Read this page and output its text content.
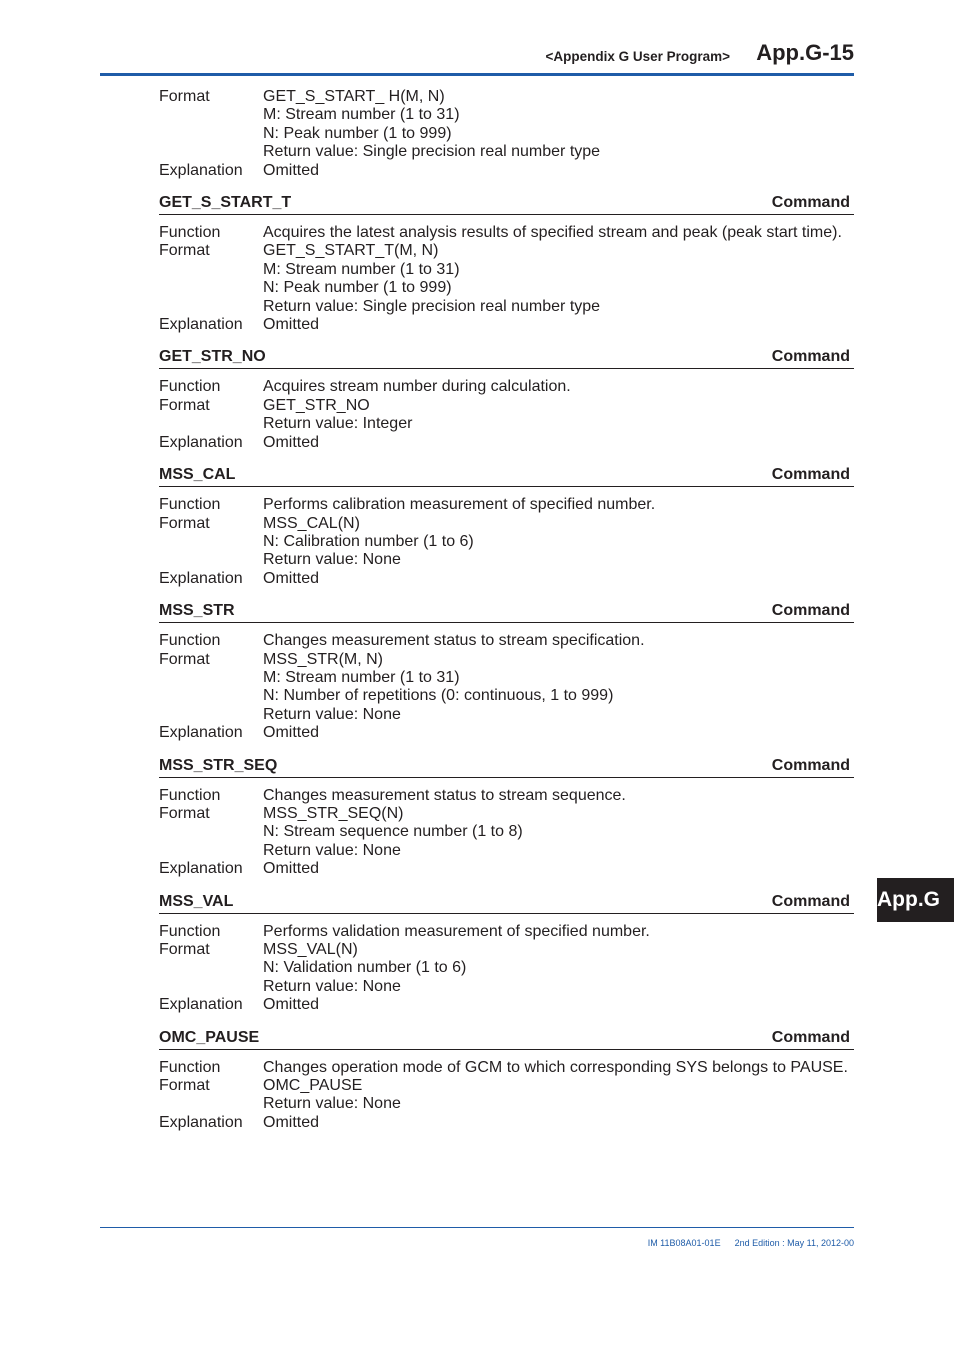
<Appendix G User Program> App.G-15
Format	GET_S_START_ H(M, N)
M: Stream number (1 to 31)
N: Peak number (1 to 999)
Return value: Single precision real number type
Explanation Omitted
GET_S_START_T	Command
Function	Acquires the latest analysis results of specified stream and peak (peak start time).
Format	GET_S_START_T(M, N)
M: Stream number (1 to 31)
N: Peak number (1 to 999)
Return value: Single precision real number type
Explanation Omitted
GET_STR_NO	Command
Function	Acquires stream number during calculation.
Format	GET_STR_NO
Return value: Integer
Explanation Omitted
MSS_CAL	Command
Function	Performs calibration measurement of specified number.
Format	MSS_CAL(N)
N: Calibration number (1 to 6)
Return value: None
Explanation Omitted
MSS_STR	Command
Function	Changes measurement status to stream specification.
Format	MSS_STR(M, N)
M: Stream number (1 to 31)
N: Number of repetitions (0: continuous, 1 to 999)
Return value: None
Explanation Omitted
MSS_STR_SEQ	Command
Function	Changes measurement status to stream sequence.
Format	MSS_STR_SEQ(N)
N: Stream sequence number (1 to 8)
Return value: None
Explanation Omitted
MSS_VAL	Command
Function	Performs validation measurement of specified number.
Format	MSS_VAL(N)
N: Validation number (1 to 6)
Return value: None
Explanation Omitted
OMC_PAUSE	Command
Function	Changes operation mode of GCM to which corresponding SYS belongs to PAUSE.
Format	OMC_PAUSE
Return value: None
Explanation Omitted
App.G
IM 11B08A01-01E 2nd Edition : May 11, 2012-00
